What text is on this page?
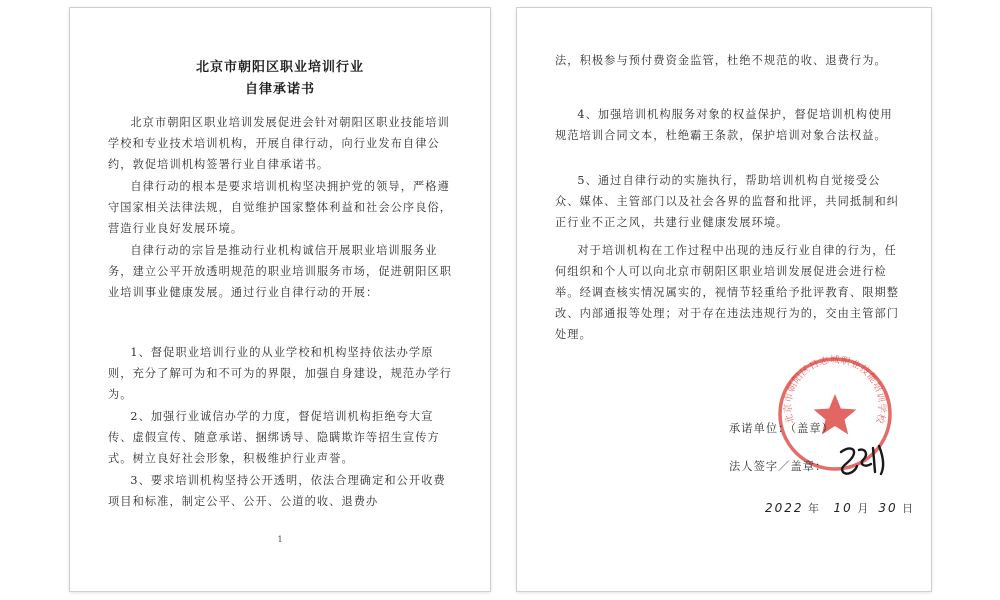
北京市朝阳区职业培训行业
自律承诺书

北京市朝阳区职业培训发展促进会针对朝阳区职业技能培训学校和专业技术培训机构，开展自律行动，向行业发布自律公约，敦促培训机构签署行业自律承诺书。

自律行动的根本是要求培训机构坚决拥护党的领导，严格遵守国家相关法律法规，自觉维护国家整体利益和社会公序良俗，营造行业良好发展环境。

自律行动的宗旨是推动行业机构诚信开展职业培训服务业务，建立公平开放透明规范的职业培训服务市场，促进朝阳区职业培训事业健康发展。通过行业自律行动的开展：

1、督促职业培训行业的从业学校和机构坚持依法办学原则，充分了解可为和不可为的界限，加强自身建设，规范办学行为。

2、加强行业诚信办学的力度，督促培训机构拒绝夸大宣传、虚假宣传、随意承诺、捆绑诱导、隐瞒欺诈等招生宣传方式。树立良好社会形象，积极维护行业声誉。

3、要求培训机构坚持公开透明，依法合理确定和公开收费项目和标准，制定公平、公开、公道的收、退费办

1

法，积极参与预付费资金监管，杜绝不规范的收、退费行为。

4、加强培训机构服务对象的权益保护，督促培训机构使用规范培训合同文本，杜绝霸王条款，保护培训对象合法权益。

5、通过自律行动的实施执行，帮助培训机构自觉接受公众、媒体、主管部门以及社会各界的监督和批评，共同抵制和纠正行业不正之风，共建行业健康发展环境。

对于培训机构在工作过程中出现的违反行业自律的行为，任何组织和个人可以向北京市朝阳区职业培训发展促进会进行检举。经调查核实情况属实的，视情节轻重给予批评教育、限期整改、内部通报等处理；对于存在违法违规行为的，交由主管部门处理。

北京市朝阳区日志城职业技能培训学校
承诺单位：（盖章）
法人签字／盖章：
2022 年 10 月 30 日
